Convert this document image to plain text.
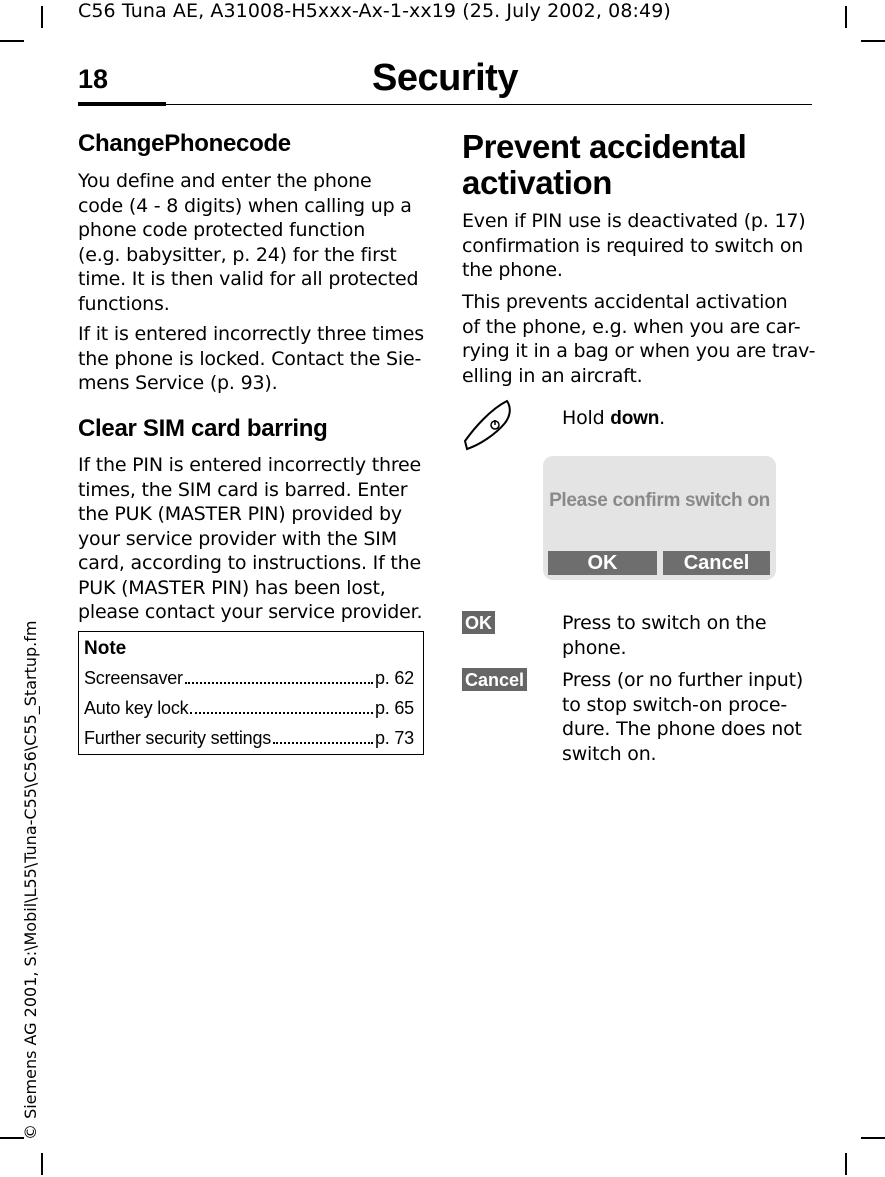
C56 Tuna AE, A31008-H5xxx-Ax-1-xx19 (25. July 2002, 08:49)
18	Security
© Siemens AG 2001, S:\Mobil\L55\Tuna-C55\C56\C55_Startup.fm
ChangePhonecode
You define and enter the phone
code (4 - 8 digits) when calling up a
phone code protected function
(e.g. babysitter, p. 24) for the first
time. It is then valid for all protected
functions.
If it is entered incorrectly three times
the phone is locked. Contact the Sie-
mens Service (p. 93).
Clear SIM card barring
If the PIN is entered incorrectly three
times, the SIM card is barred. Enter
the PUK (MASTER PIN) provided by
your service provider with the SIM
card, according to instructions. If the
PUK (MASTER PIN) has been lost,
please contact your service provider.
Note
Screensaver	p. 62
Auto key lock	p. 65
Further security settings	p. 73
Prevent accidental
activation
Even if PIN use is deactivated (p. 17)
confirmation is required to switch on
the phone.
This prevents accidental activation
of the phone, e.g. when you are car-
rying it in a bag or when you are trav-
elling in an aircraft.
Hold down.
Please confirm switch on
OK	Cancel
OK	Press to switch on the
phone.
Cancel Press (or no further input)
to stop switch-on proce-
dure. The phone does not
switch on.
